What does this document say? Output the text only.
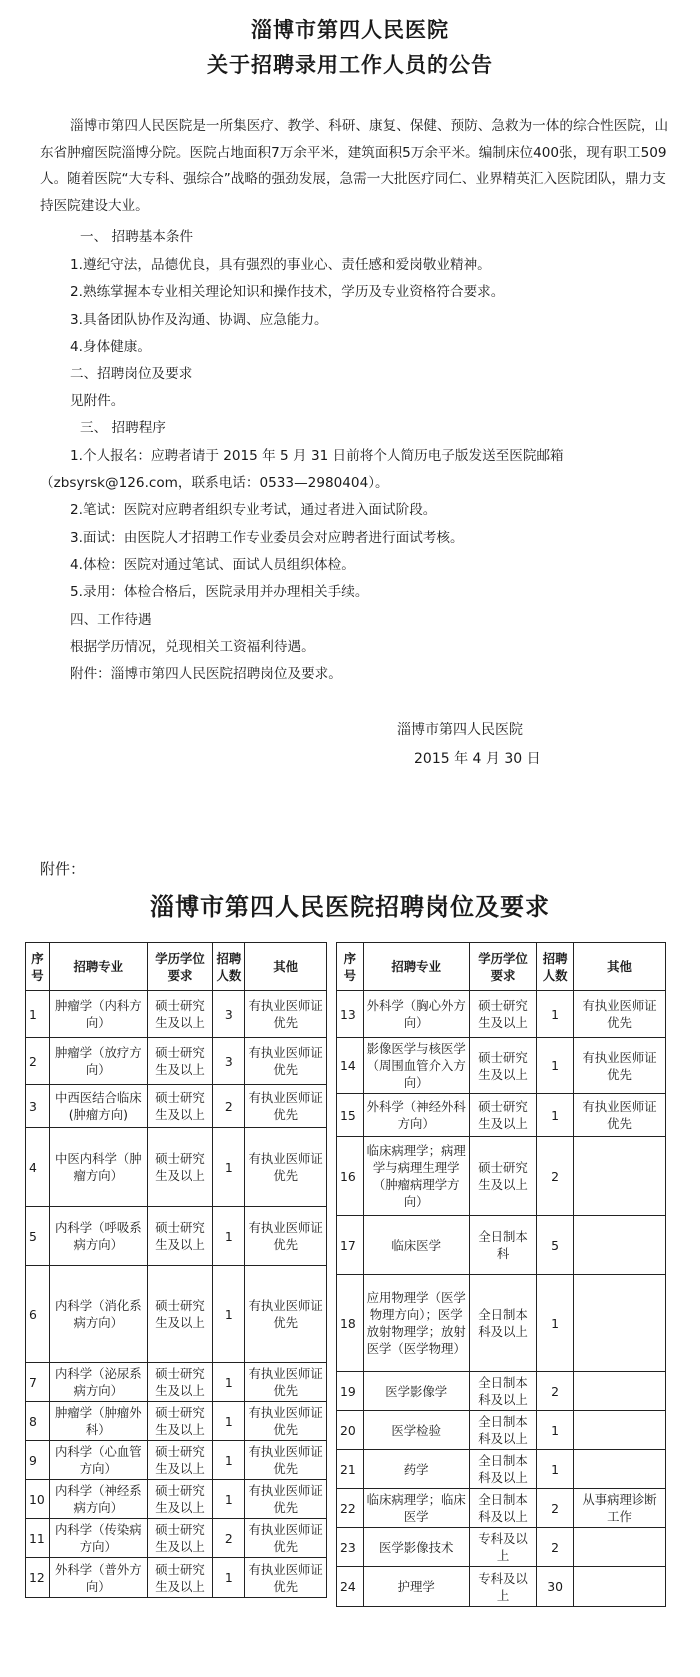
淄博市第四人民医院
关于招聘录用工作人员的公告
淄博市第四人民医院是一所集医疗、教学、科研、康复、保健、预防、急救为一体的综合性医院，山东省肿瘤医院淄博分院。医院占地面积7万余平米，建筑面积5万余平米。编制床位400张，现有职工509人。随着医院“大专科、强综合”战略的强劲发展，急需一大批医疗同仁、业界精英汇入医院团队，鼎力支持医院建设大业。
一、 招聘基本条件
1.遵纪守法，品德优良，具有强烈的事业心、责任感和爱岗敬业精神。
2.熟练掌握本专业相关理论知识和操作技术，学历及专业资格符合要求。
3.具备团队协作及沟通、协调、应急能力。
4.身体健康。
二、招聘岗位及要求
见附件。
三、 招聘程序
1.个人报名：应聘者请于 2015 年 5 月 31 日前将个人简历电子版发送至医院邮箱
（zbsyrsk@126.com，联系电话：0533—2980404）。
2.笔试：医院对应聘者组织专业考试，通过者进入面试阶段。
3.面试：由医院人才招聘工作专业委员会对应聘者进行面试考核。
4.体检：医院对通过笔试、面试人员组织体检。
5.录用：体检合格后，医院录用并办理相关手续。
四、工作待遇
根据学历情况，兑现相关工资福利待遇。
附件：淄博市第四人民医院招聘岗位及要求。
淄博市第四人民医院
2015 年 4 月 30 日
附件：
淄博市第四人民医院招聘岗位及要求
序号	招聘专业	学历学位要求	招聘人数	其他
1	肿瘤学（内科方向）	硕士研究生及以上	3	有执业医师证优先
2	肿瘤学（放疗方向）	硕士研究生及以上	3	有执业医师证优先
3	中西医结合临床(肿瘤方向)	硕士研究生及以上	2	有执业医师证优先
4	中医内科学（肿瘤方向）	硕士研究生及以上	1	有执业医师证优先
5	内科学（呼吸系病方向）	硕士研究生及以上	1	有执业医师证优先
6	内科学（消化系病方向）	硕士研究生及以上	1	有执业医师证优先
7	内科学（泌尿系病方向）	硕士研究生及以上	1	有执业医师证优先
8	肿瘤学（肿瘤外科）	硕士研究生及以上	1	有执业医师证优先
9	内科学（心血管方向）	硕士研究生及以上	1	有执业医师证优先
10	内科学（神经系病方向）	硕士研究生及以上	1	有执业医师证优先
11	内科学（传染病方向）	硕士研究生及以上	2	有执业医师证优先
12	外科学（普外方向）	硕士研究生及以上	1	有执业医师证优先
序号	招聘专业	学历学位要求	招聘人数	其他
13	外科学（胸心外方向）	硕士研究生及以上	1	有执业医师证优先
14	影像医学与核医学（周围血管介入方向）	硕士研究生及以上	1	有执业医师证优先
15	外科学（神经外科方向）	硕士研究生及以上	1	有执业医师证优先
16	临床病理学；病理学与病理生理学（肿瘤病理学方向）	硕士研究生及以上	2	
17	临床医学	全日制本科	5	
18	应用物理学（医学物理方向）；医学放射物理学；放射医学（医学物理）	全日制本科及以上	1	
19	医学影像学	全日制本科及以上	2	
20	医学检验	全日制本科及以上	1	
21	药学	全日制本科及以上	1	
22	临床病理学；临床医学	全日制本科及以上	2	从事病理诊断工作
23	医学影像技术	专科及以上	2	
24	护理学	专科及以上	30	
